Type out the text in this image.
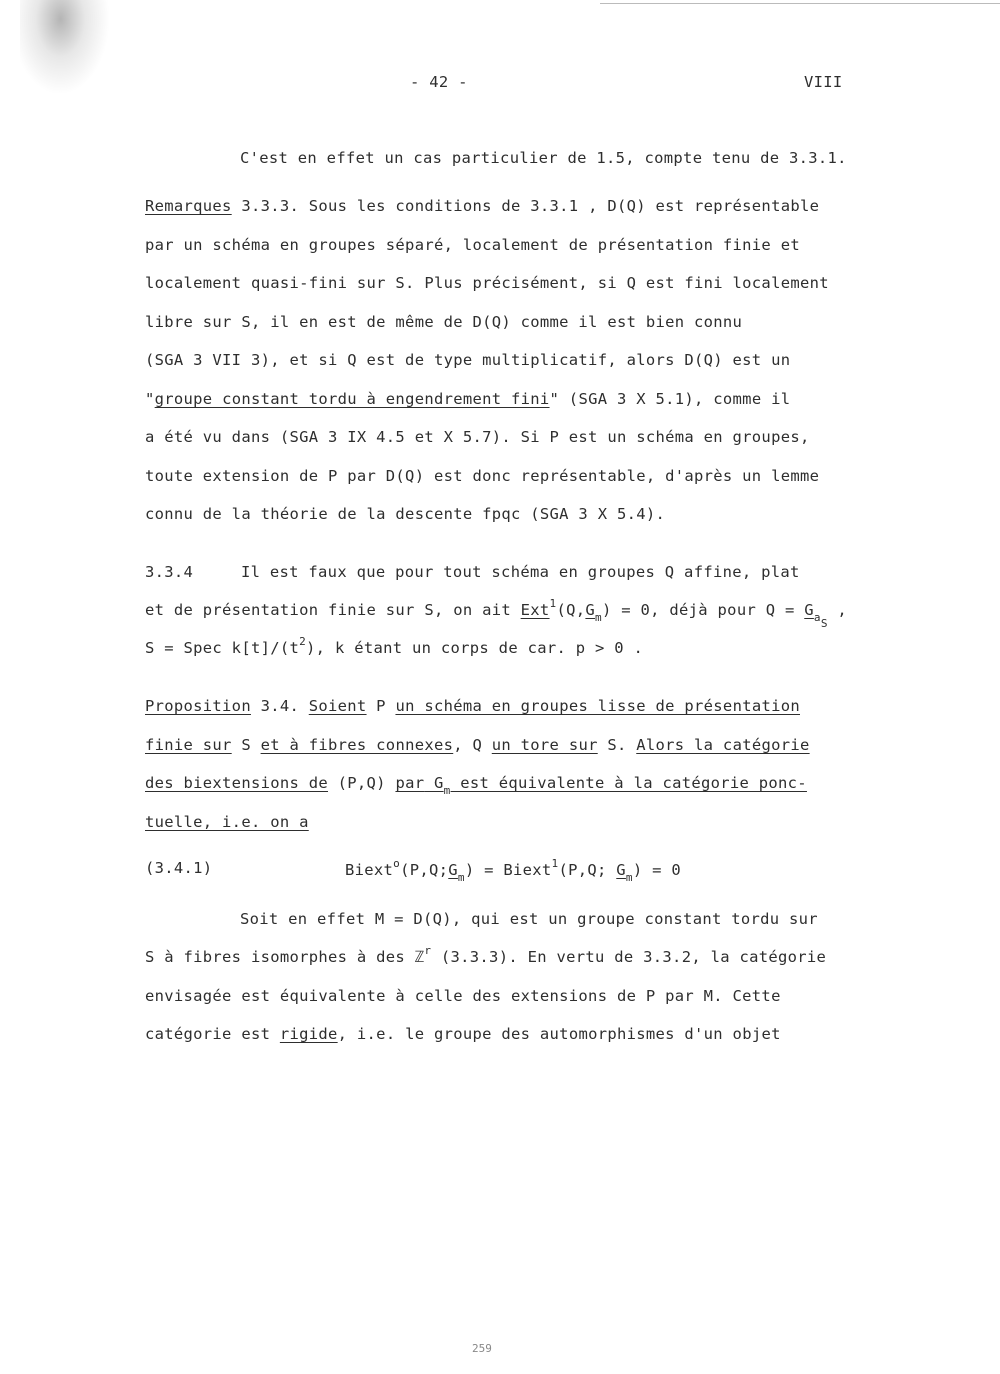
- 42 -	VIII
C'est en effet un cas particulier de 1.5, compte tenu de 3.3.1.
Remarques 3.3.3. Sous les conditions de 3.3.1 , D(Q) est représentable
par un schéma en groupes séparé, localement de présentation finie et
localement quasi-fini sur S. Plus précisément, si Q est fini localement
libre sur S, il en est de même de D(Q) comme il est bien connu
(SGA 3 VII 3), et si Q est de type multiplicatif, alors D(Q) est un
"groupe constant tordu à engendrement fini" (SGA 3 X 5.1), comme il
a été vu dans (SGA 3 IX 4.5 et X 5.7). Si P est un schéma en groupes,
toute extension de P par D(Q) est donc représentable, d'après un lemme
connu de la théorie de la descente fpqc (SGA 3 X 5.4).
3.3.4	Il est faux que pour tout schéma en groupes Q affine, plat
et de présentation finie sur S, on ait $Ext^1(Q,G_m) = 0$, déjà pour $Q = G_{aS}$ ,
S = Spec $k[t]/(t^2)$, k étant un corps de car. p > 0 .
Proposition 3.4. Soient P un schéma en groupes lisse de présentation
finie sur S et à fibres connexes, Q un tore sur S. Alors la catégorie
des biextensions de (P,Q) par $G_m$ est équivalente à la catégorie ponc-
tuelle, i.e. on a
(3.4.1)	$Biext^o(P,Q;G_m)$ = Biext$^1$(P,Q; $G_m) = 0$
Soit en effet M = D(Q), qui est un groupe constant tordu sur
S à fibres isomorphes à des ℤ$^r$ (3.3.3). En vertu de 3.3.2, la catégorie
envisagée est équivalente à celle des extensions de P par M. Cette
catégorie est rigide, i.e. le groupe des automorphismes d'un objet
259
